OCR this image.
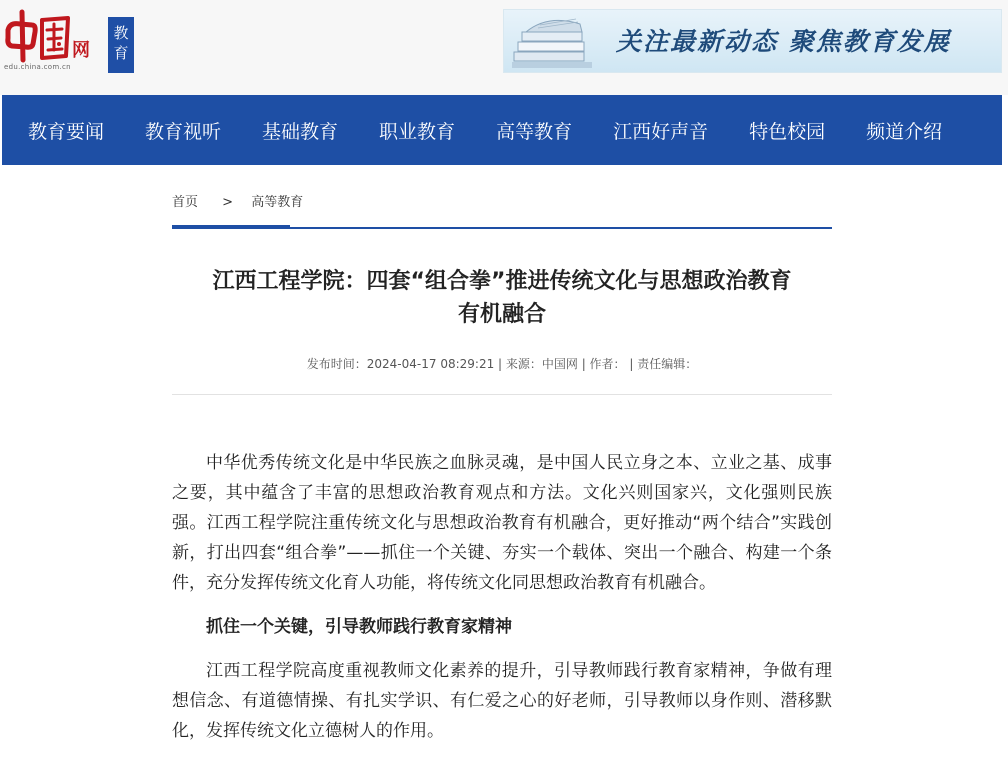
网
edu.china.com.cn
教育	关注最新动态 聚焦教育发展
教育要闻 教育视听 基础教育 职业教育 高等教育 江西好声音 特色校园 频道介绍
首页 > 高等教育
江西工程学院：四套“组合拳”推进传统文化与思想政治教育
有机融合
发布时间：2024-04-17 08:29:21 | 来源：中国网 | 作者： | 责任编辑：

中华优秀传统文化是中华民族之血脉灵魂，是中国人民立身之本、立业之基、成事之要，其中蕴含了丰富的思想政治教育观点和方法。文化兴则国家兴，文化强则民族强。江西工程学院注重传统文化与思想政治教育有机融合，更好推动“两个结合”实践创新，打出四套“组合拳”——抓住一个关键、夯实一个载体、突出一个融合、构建一个条件，充分发挥传统文化育人功能，将传统文化同思想政治教育有机融合。

抓住一个关键，引导教师践行教育家精神

江西工程学院高度重视教师文化素养的提升，引导教师践行教育家精神，争做有理想信念、有道德情操、有扎实学识、有仁爱之心的好老师，引导教师以身作则、潜移默化，发挥传统文化立德树人的作用。
